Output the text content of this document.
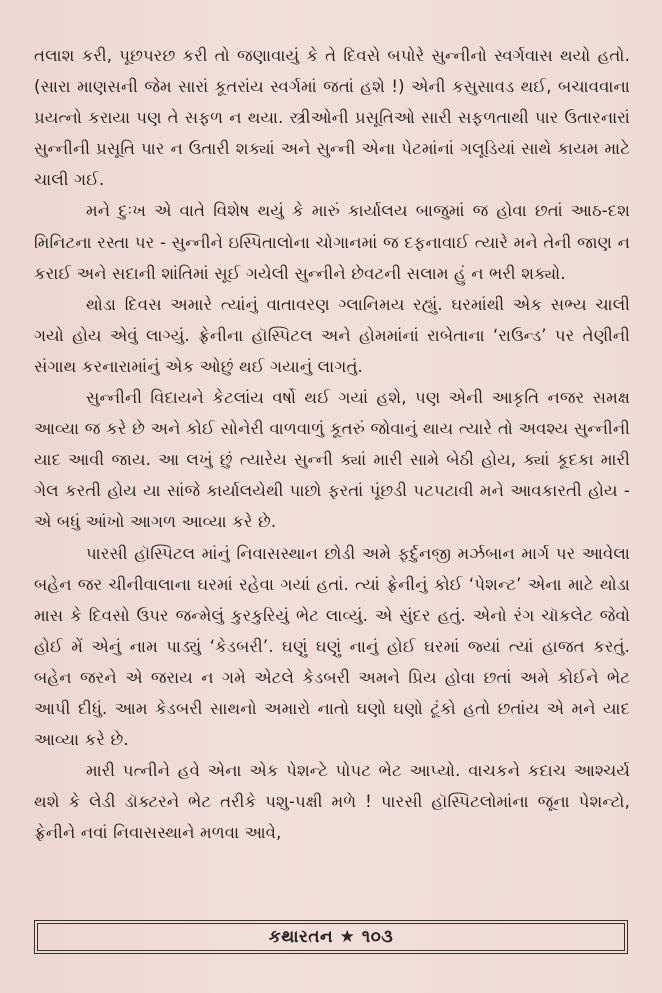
તલાશ કરી, પૂછપરછ કરી તો જણાવાયું કે તે દિવસે બપોરે સુન્નીનો સ્વર્ગવાસ થયો હતો. (સારા માણસની જેમ સારાં કૂતરાંય સ્વર્ગમાં જતાં હશે !) એની કસુસાવડ થઈ, બચાવવાના પ્રયત્નો કરાયા પણ તે સફળ ન થયા. સ્ત્રીઓની પ્રસૂતિઓ સારી સફળતાથી પાર ઉતારનારાં સુન્નીની પ્રસૂતિ પાર ન ઉતારી શક્યાં અને સુન્ની એના પેટમાંનાં ગલૂડિયાં સાથે કાયમ માટે ચાલી ગઈ.

મને દુઃખ એ વાતે વિશેષ થયું કે મારું કાર્યાલય બાજુમાં જ હોવા છતાં આઠ-દશ મિનિટના રસ્તા પર - સુન્નીને ઇસ્પિતાલોના ચોગાનમાં જ દફનાવાઈ ત્યારે મને તેની જાણ ન કરાઈ અને સદાની શાંતિમાં સૂઈ ગયેલી સુન્નીને છેવટની સલામ હું ન ભરી શક્યો.

થોડા દિવસ અમારે ત્યાંનું વાતાવરણ ગ્લાનિમય રહ્યું. ઘરમાંથી એક સભ્ય ચાલી ગયો હોય એવું લાગ્યું. ફ્રેનીના હૉસ્પિટલ અને હોમમાંનાં રાબેતાના ‘રાઉન્ડ’ પર તેણીની સંગાથ કરનારામાંનું એક ઓછું થઈ ગયાનું લાગતું.

સુન્નીની વિદાયને કેટલાંય વર્ષો થઈ ગયાં હશે, પણ એની આકૃતિ નજર સમક્ષ આવ્યા જ કરે છે અને કોઈ સોનેરી વાળવાળું કૂતરું જોવાનું થાય ત્યારે તો અવશ્ય સુન્નીની યાદ આવી જાય. આ લખું છું ત્યારેય સુન્ની ક્યાં મારી સામે બેઠી હોય, ક્યાં કૂદકા મારી ગેલ કરતી હોય યા સાંજે કાર્યાલયેથી પાછો ફરતાં પૂંછડી પટપટાવી મને આવકારતી હોય - એ બધું આંખો આગળ આવ્યા કરે છે.

પારસી હૉસ્પિટલ માંનું નિવાસસ્થાન છોડી અમે ફર્દુનજી મર્ઝબાન માર્ગ પર આવેલા બહેન જર ચીનીવાલાના ઘરમાં રહેવા ગયાં હતાં. ત્યાં ફ્રેનીનું કોઈ ‘પેશન્ટ’ એના માટે થોડા માસ કે દિવસો ઉપર જન્મેલું કુરકુરિયું ભેટ લાવ્યું. એ સુંદર હતું. એનો રંગ ચૉકલેટ જેવો હોઈ મેં એનું નામ પાડ્યું ‘કેડબરી’. ઘણું ઘણું નાનું હોઈ ઘરમાં જ્યાં ત્યાં હાજત કરતું. બહેન જરને એ જરાય ન ગમે એટલે કેડબરી અમને પ્રિય હોવા છતાં અમે કોઈને ભેટ આપી દીધું. આમ કેડબરી સાથનો અમારો નાતો ઘણો ઘણો ટૂંકો હતો છતાંય એ મને યાદ આવ્યા કરે છે.

મારી પત્નીને હવે એના એક પેશન્ટે પોપટ ભેટ આપ્યો. વાચકને કદાચ આશ્ચર્ય થશે કે લેડી ડૉક્ટરને ભેટ તરીકે પશુ-પક્ષી મળે ! પારસી હૉસ્પિટલોમાંના જૂના પેશન્ટો, ફ્રેનીને નવાં નિવાસસ્થાને મળવા આવે,

કથારતન ★ ૧૦૩
